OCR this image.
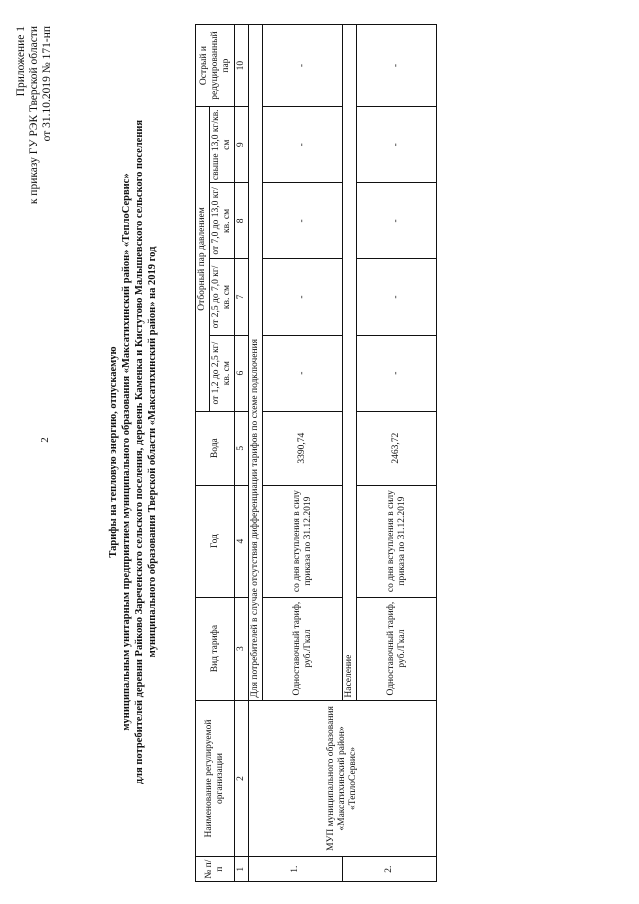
2
Приложение 1 к приказу ГУ РЭК Тверской области от 31.10.2019 № 171-нп
Тарифы на тепловую энергию, отпускаемую муниципальным унитарным предприятием муниципального образования «Максатихинский район» «ТеплоСервис» для потребителей деревни Райково Зареченского сельского поселения, деревень Каменка и Кистутово Малышевского сельского поселения муниципального образования Тверской области «Максатихинский район» на 2019 год
№ п/п	Наименование регулируемой организации	Вид тарифа	Год	Вода	Отборный пар давлением				Острый и редуцированный пар
					от 1,2 до 2,5 кг/кв. см	от 2,5 до 7,0 кг/кв. см	от 7,0 до 13,0 кг/кв. см	свыше 13,0 кг/кв. см	
1	2	3	4	5	6	7	8	9	10
1.	МУП муниципального образования «Максатихинский район» «ТеплоСервис»	Для потребителей в случае отсутствия дифференциации тарифов по схеме подключения							
		Одноставочный тариф, руб./Гкал	со дня вступления в силу приказа по 31.12.2019	3390,74	-	-	-	-	-
2.		Население							
		Одноставочный тариф, руб./Гкал	со дня вступления в силу приказа по 31.12.2019	2463,72	-	-	-	-	-
